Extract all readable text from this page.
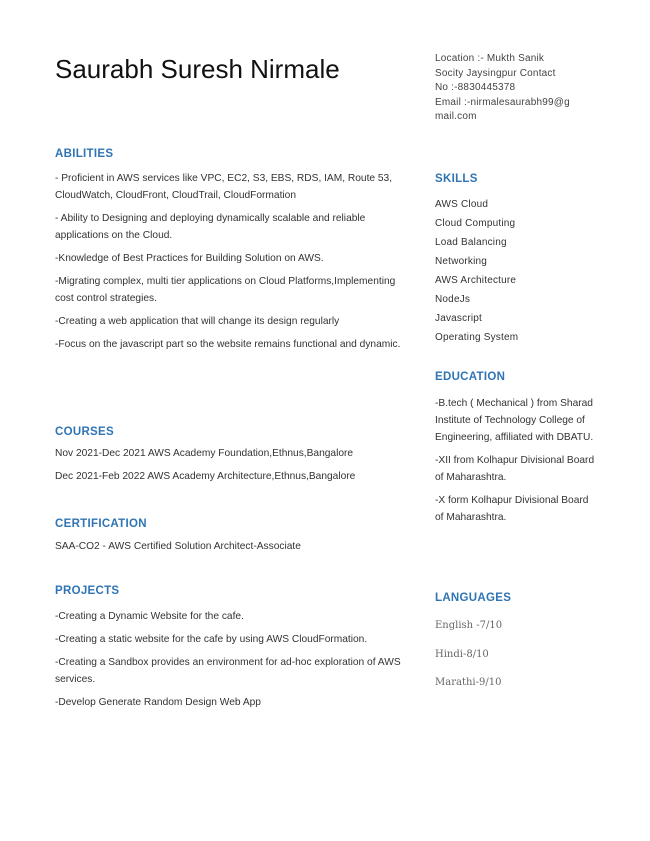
Saurabh Suresh Nirmale	Location :- Mukth Sanik
Socity Jaysingpur Contact
No :-8830445378
Email :-nirmalesaurabh99@g
mail.com
ABILITIES

- Proficient in AWS services like VPC, EC2, S3, EBS, RDS, IAM, Route 53, CloudWatch, CloudFront, CloudTrail, CloudFormation

- Ability to Designing and deploying dynamically scalable and reliable applications on the Cloud.

-Knowledge of Best Practices for Building Solution on AWS.

-Migrating complex, multi tier applications on Cloud Platforms,Implementing cost control strategies.

-Creating a web application that will change its design regularly

-Focus on the javascript part so the website remains functional and dynamic.

COURSES

Nov 2021-Dec 2021 AWS Academy Foundation,Ethnus,Bangalore

Dec 2021-Feb 2022 AWS Academy Architecture,Ethnus,Bangalore

CERTIFICATION

SAA-CO2 - AWS Certified Solution Architect-Associate

PROJECTS

-Creating a Dynamic Website for the cafe.

-Creating a static website for the cafe by using AWS CloudFormation.

-Creating a Sandbox provides an environment for ad-hoc exploration of AWS services.

-Develop Generate Random Design Web App

SKILLS
AWS Cloud
Cloud Computing
Load Balancing
Networking
AWS Architecture
NodeJs
Javascript
Operating System
EDUCATION

-B.tech ( Mechanical ) from Sharad Institute of Technology College of Engineering, affiliated with DBATU.

-XII from Kolhapur Divisional Board of Maharashtra.

-X form Kolhapur Divisional Board of Maharashtra.

LANGUAGES
English -7/10
Hindi-8/10
Marathi-9/10
